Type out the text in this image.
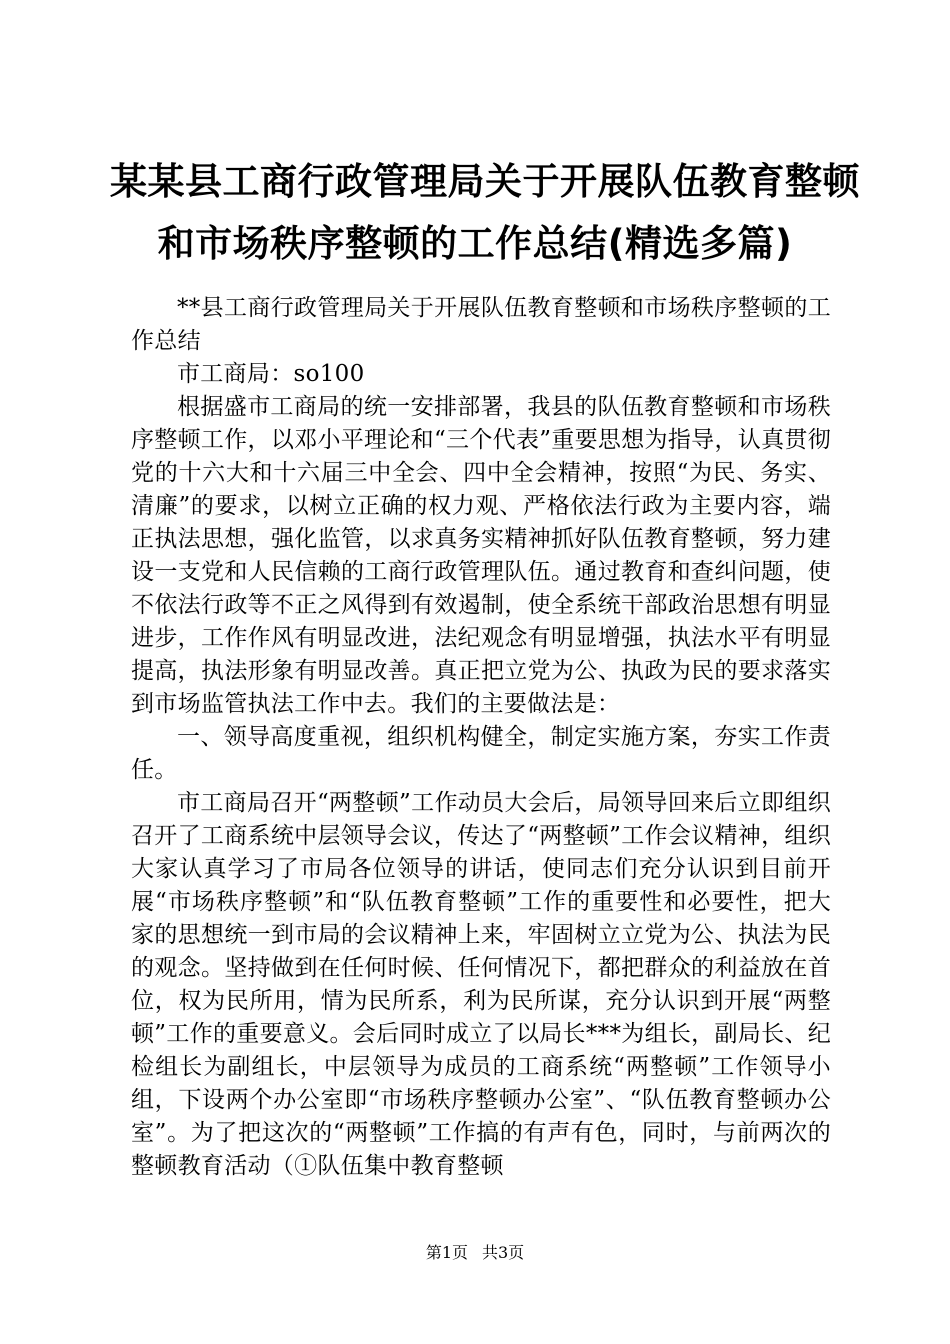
某某县工商行政管理局关于开展队伍教育整顿
和市场秩序整顿的工作总结(精选多篇)

**县工商行政管理局关于开展队伍教育整顿和市场秩序整顿的工作总结

市工商局：so100

根据盛市工商局的统一安排部署，我县的队伍教育整顿和市场秩序整顿工作，以邓小平理论和“三个代表”重要思想为指导，认真贯彻党的十六大和十六届三中全会、四中全会精神，按照“为民、务实、清廉”的要求，以树立正确的权力观、严格依法行政为主要内容，端正执法思想，强化监管，以求真务实精神抓好队伍教育整顿，努力建设一支党和人民信赖的工商行政管理队伍。通过教育和查纠问题，使不依法行政等不正之风得到有效遏制，使全系统干部政治思想有明显进步，工作作风有明显改进，法纪观念有明显增强，执法水平有明显提高，执法形象有明显改善。真正把立党为公、执政为民的要求落实到市场监管执法工作中去。我们的主要做法是：

一、领导高度重视，组织机构健全，制定实施方案，夯实工作责任。

市工商局召开“两整顿”工作动员大会后，局领导回来后立即组织召开了工商系统中层领导会议，传达了“两整顿”工作会议精神，组织大家认真学习了市局各位领导的讲话，使同志们充分认识到目前开展“市场秩序整顿”和“队伍教育整顿”工作的重要性和必要性，把大家的思想统一到市局的会议精神上来，牢固树立立党为公、执法为民的观念。坚持做到在任何时候、任何情况下，都把群众的利益放在首位，权为民所用，情为民所系，利为民所谋，充分认识到开展“两整顿”工作的重要意义。会后同时成立了以局长***为组长，副局长、纪检组长为副组长，中层领导为成员的工商系统“两整顿”工作领导小组，下设两个办公室即“市场秩序整顿办公室”、“队伍教育整顿办公室”。为了把这次的“两整顿”工作搞的有声有色，同时，与前两次的整顿教育活动（①队伍集中教育整顿

第1页 共3页
